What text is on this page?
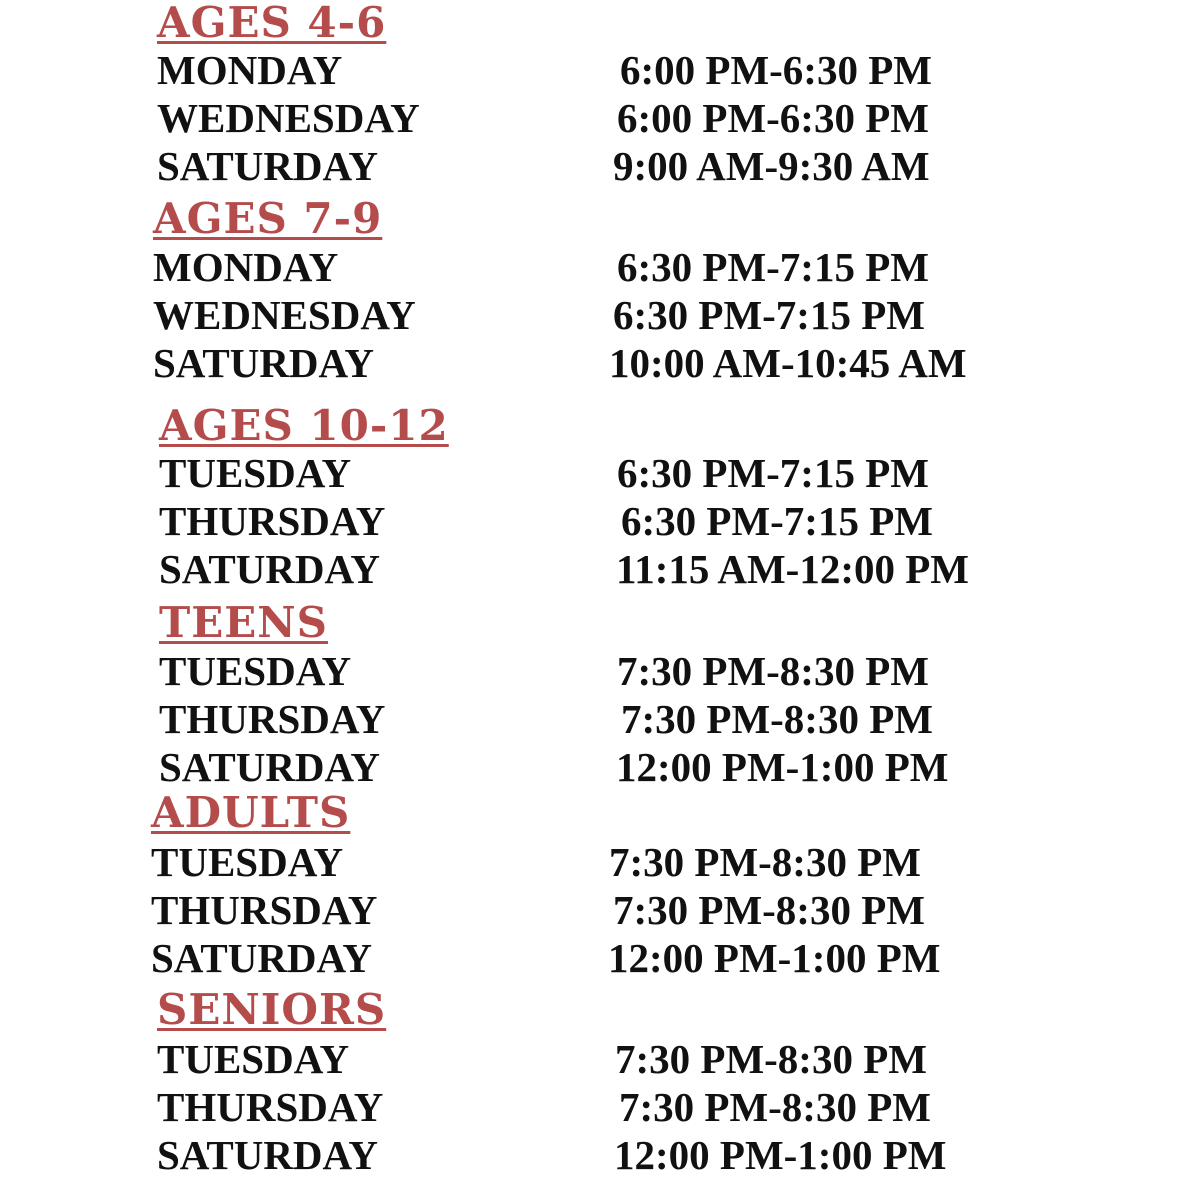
AGES 4-6
MONDAY	6:00 PM-6:30 PM
WEDNESDAY	6:00 PM-6:30 PM
SATURDAY	9:00 AM-9:30 AM
AGES 7-9
MONDAY	6:30 PM-7:15 PM
WEDNESDAY	6:30 PM-7:15 PM
SATURDAY	10:00 AM-10:45 AM
AGES 10-12
TUESDAY	6:30 PM-7:15 PM
THURSDAY	6:30 PM-7:15 PM
SATURDAY	11:15 AM-12:00 PM
TEENS
TUESDAY	7:30 PM-8:30 PM
THURSDAY	7:30 PM-8:30 PM
SATURDAY	12:00 PM-1:00 PM
ADULTS
TUESDAY	7:30 PM-8:30 PM
THURSDAY	7:30 PM-8:30 PM
SATURDAY	12:00 PM-1:00 PM
SENIORS
TUESDAY	7:30 PM-8:30 PM
THURSDAY	7:30 PM-8:30 PM
SATURDAY	12:00 PM-1:00 PM
